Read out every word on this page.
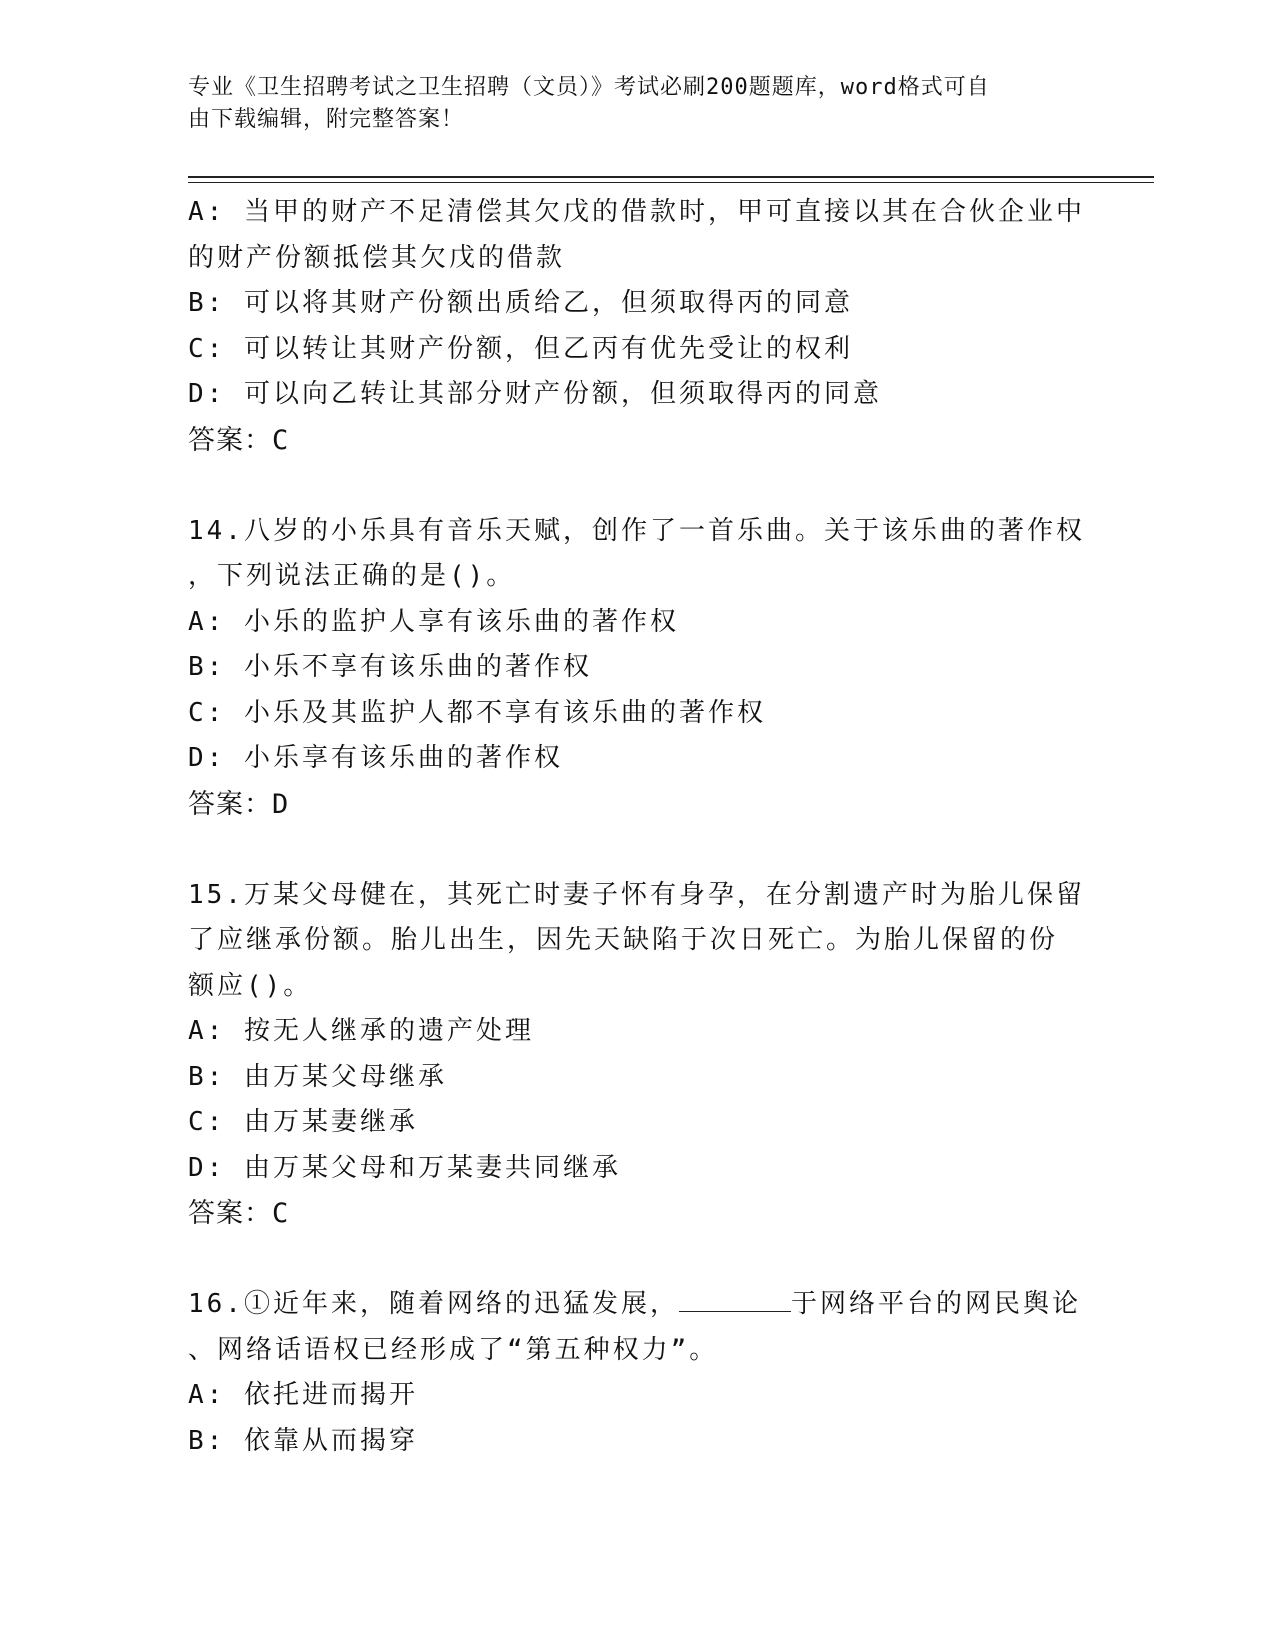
专业《卫生招聘考试之卫生招聘（文员）》考试必刷200题题库，word格式可自
由下载编辑，附完整答案！
A: 当甲的财产不足清偿其欠戊的借款时，甲可直接以其在合伙企业中
的财产份额抵偿其欠戊的借款
B: 可以将其财产份额出质给乙，但须取得丙的同意
C: 可以转让其财产份额，但乙丙有优先受让的权利
D: 可以向乙转让其部分财产份额，但须取得丙的同意
答案：C
14.八岁的小乐具有音乐天赋，创作了一首乐曲。关于该乐曲的著作权
，下列说法正确的是()。
A: 小乐的监护人享有该乐曲的著作权
B: 小乐不享有该乐曲的著作权
C: 小乐及其监护人都不享有该乐曲的著作权
D: 小乐享有该乐曲的著作权
答案：D
15.万某父母健在，其死亡时妻子怀有身孕，在分割遗产时为胎儿保留
了应继承份额。胎儿出生，因先天缺陷于次日死亡。为胎儿保留的份
额应()。
A: 按无人继承的遗产处理
B: 由万某父母继承
C: 由万某妻继承
D: 由万某父母和万某妻共同继承
答案：C
16.①近年来，随着网络的迅猛发展，	于网络平台的网民舆论
、网络话语权已经形成了“第五种权力”。
A: 依托进而揭开
B: 依靠从而揭穿
